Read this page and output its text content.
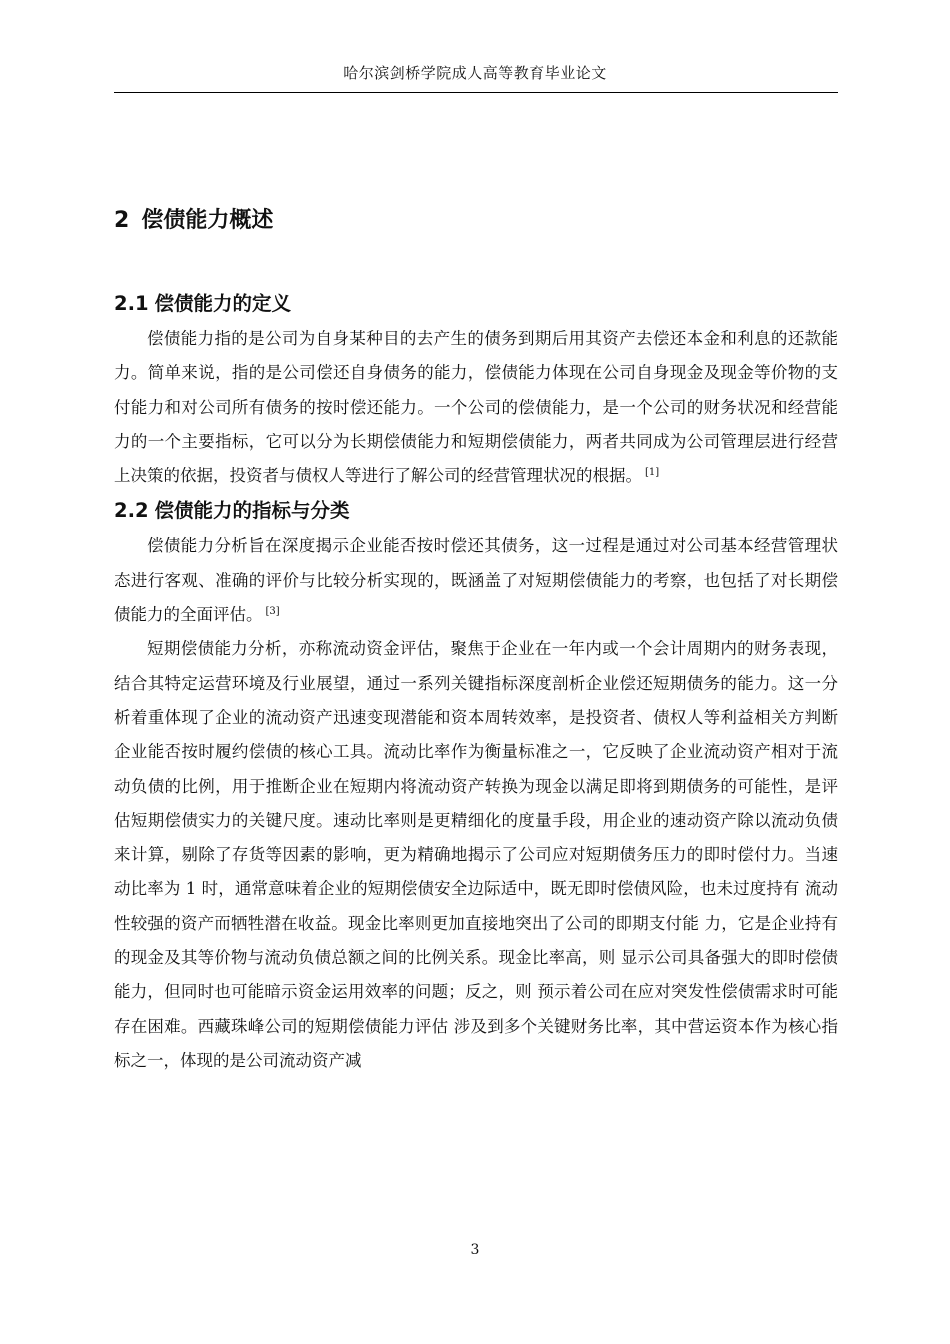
哈尔滨剑桥学院成人高等教育毕业论文
2 偿债能力概述
2.1 偿债能力的定义

偿债能力指的是公司为自身某种目的去产生的债务到期后用其资产去偿还本金和利息的还款能力。简单来说，指的是公司偿还自身债务的能力，偿债能力体现在公司自身现金及现金等价物的支付能力和对公司所有债务的按时偿还能力。一个公司的偿债能力，是一个公司的财务状况和经营能力的一个主要指标，它可以分为长期偿债能力和短期偿债能力，两者共同成为公司管理层进行经营上决策的依据，投资者与债权人等进行了解公司的经营管理状况的根据。 [1]

2.2 偿债能力的指标与分类

偿债能力分析旨在深度揭示企业能否按时偿还其债务，这一过程是通过对公司基本经营管理状态进行客观、准确的评价与比较分析实现的，既涵盖了对短期偿债能力的考察，也包括了对长期偿债能力的全面评估。 [3]

短期偿债能力分析，亦称流动资金评估，聚焦于企业在一年内或一个会计周期内的财务表现，结合其特定运营环境及行业展望，通过一系列关键指标深度剖析企业偿还短期债务的能力。这一分析着重体现了企业的流动资产迅速变现潜能和资本周转效率，是投资者、债权人等利益相关方判断企业能否按时履约偿债的核心工具。流动比率作为衡量标准之一，它反映了企业流动资产相对于流动负债的比例，用于推断企业在短期内将流动资产转换为现金以满足即将到期债务的可能性，是评估短期偿债实力的关键尺度。速动比率则是更精细化的度量手段，用企业的速动资产除以流动负债来计算，剔除了存货等因素的影响，更为精确地揭示了公司应对短期债务压力的即时偿付力。当速动比率为 1 时，通常意味着企业的短期偿债安全边际适中，既无即时偿债风险，也未过度持有 流动性较强的资产而牺牲潜在收益。现金比率则更加直接地突出了公司的即期支付能 力，它是企业持有的现金及其等价物与流动负债总额之间的比例关系。现金比率高，则 显示公司具备强大的即时偿债能力，但同时也可能暗示资金运用效率的问题；反之，则 预示着公司在应对突发性偿债需求时可能存在困难。西藏珠峰公司的短期偿债能力评估 涉及到多个关键财务比率，其中营运资本作为核心指标之一，体现的是公司流动资产减

3
